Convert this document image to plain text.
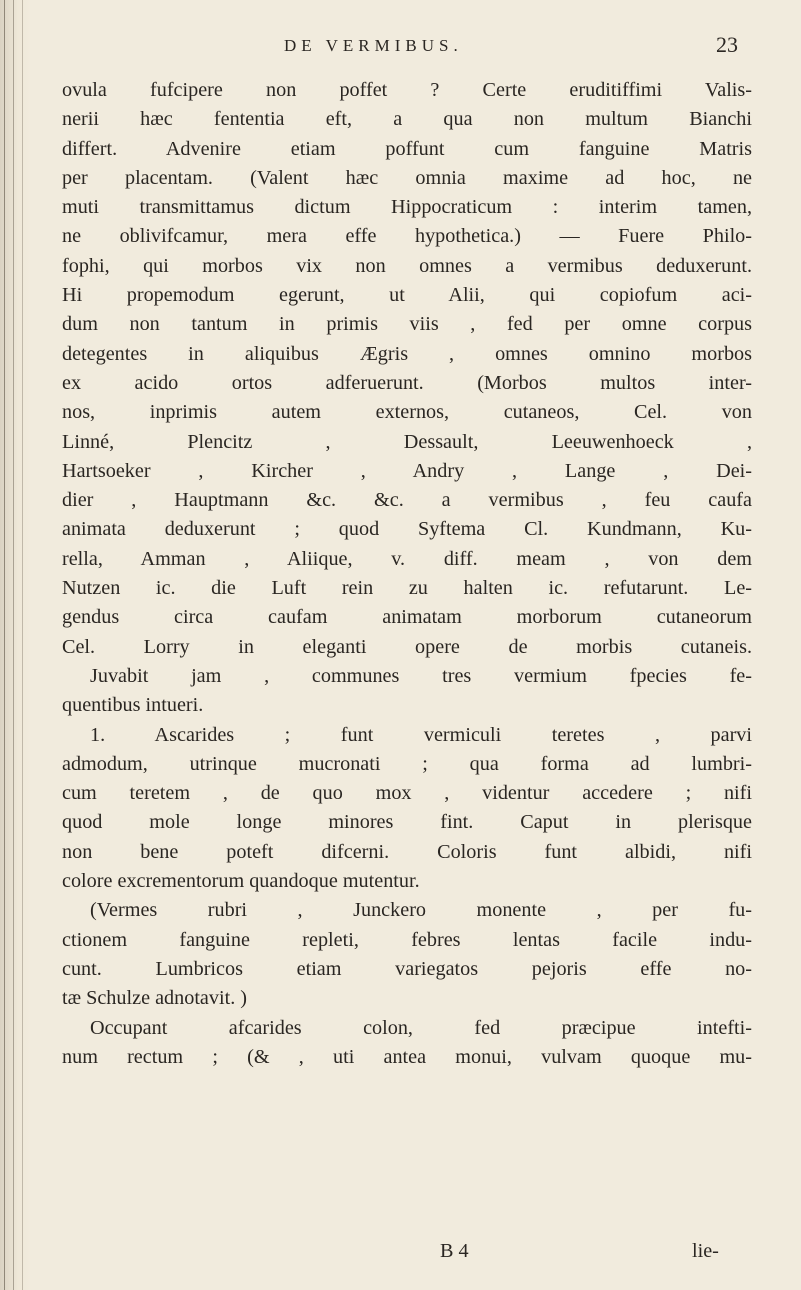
DE VERMIBUS.	23
ovula fufcipere non poffet ? Certe eruditiffimi Valis-
nerii hæc fententia eft, a qua non multum Bianchi
differt. Advenire etiam poffunt cum fanguine Matris
per placentam. (Valent hæc omnia maxime ad hoc, ne
muti transmittamus dictum Hippocraticum : interim tamen,
ne oblivifcamur, mera effe hypothetica.) — Fuere Philo-
fophi, qui morbos vix non omnes a vermibus deduxerunt.
Hi propemodum egerunt, ut Alii, qui copiofum aci-
dum non tantum in primis viis , fed per omne corpus
detegentes in aliquibus Ægris , omnes omnino morbos
ex acido ortos adferuerunt. (Morbos multos inter-
nos, inprimis autem externos, cutaneos, Cel. von
Linné, Plencitz , Dessault, Leeuwenhoeck ,
Hartsoeker , Kircher , Andry , Lange , Dei-
dier , Hauptmann &c. &c. a vermibus , feu caufa
animata deduxerunt ; quod Syftema Cl. Kundmann, Ku-
rella, Amman , Aliique, v. diff. meam , von dem
Nutzen ic. die Luft rein zu halten ic. refutarunt. Le-
gendus circa caufam animatam morborum cutaneorum
Cel. Lorry in eleganti opere de morbis cutaneis.
Juvabit jam , communes tres vermium fpecies fe-
quentibus intueri.
1. Ascarides ; funt vermiculi teretes , parvi
admodum, utrinque mucronati ; qua forma ad lumbri-
cum teretem , de quo mox , videntur accedere ; nifi
quod mole longe minores fint. Caput in plerisque
non bene poteft difcerni. Coloris funt albidi, nifi
colore excrementorum quandoque mutentur.
(Vermes rubri , Junckero monente , per fu-
ctionem fanguine repleti, febres lentas facile indu-
cunt. Lumbricos etiam variegatos pejoris effe no-
tæ Schulze adnotavit. )
Occupant afcarides colon, fed præcipue intefti-
num rectum ; (& , uti antea monui, vulvam quoque mu-
B 4	lie-
